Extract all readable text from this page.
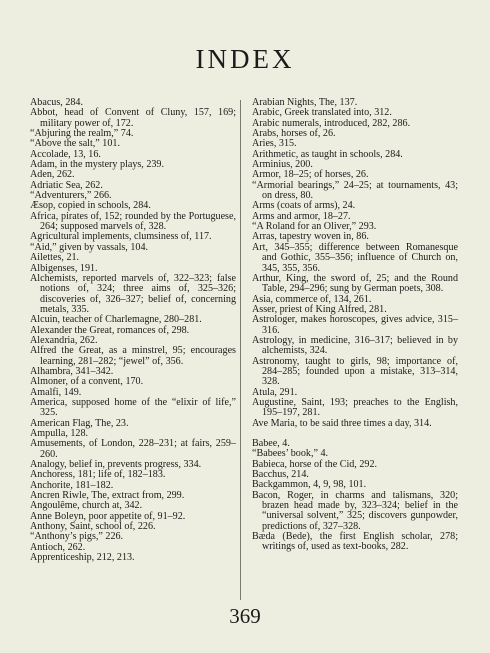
INDEX
Abacus, 284.
Abbot, head of Convent of Cluny, 157, 169; military power of, 172.
“Abjuring the realm,” 74.
“Above the salt,” 101.
Accolade, 13, 16.
Adam, in the mystery plays, 239.
Aden, 262.
Adriatic Sea, 262.
“Adventurers,” 266.
Æsop, copied in schools, 284.
Africa, pirates of, 152; rounded by the Portuguese, 264; supposed marvels of, 328.
Agricultural implements, clumsiness of, 117.
“Aid,” given by vassals, 104.
Ailettes, 21.
Albigenses, 191.
Alchemists, reported marvels of, 322–323; false notions of, 324; three aims of, 325–326; discoveries of, 326–327; belief of, concerning metals, 335.
Alcuin, teacher of Charlemagne, 280–281.
Alexander the Great, romances of, 298.
Alexandria, 262.
Alfred the Great, as a minstrel, 95; encourages learning, 281–282; “jewel” of, 356.
Alhambra, 341–342.
Almoner, of a convent, 170.
Amalfi, 149.
America, supposed home of the “elixir of life,” 325.
American Flag, The, 23.
Ampulla, 128.
Amusements, of London, 228–231; at fairs, 259–260.
Analogy, belief in, prevents progress, 334.
Anchoress, 181; life of, 182–183.
Anchorite, 181–182.
Ancren Riwle, The, extract from, 299.
Angoulême, church at, 342.
Anne Boleyn, poor appetite of, 91–92.
Anthony, Saint, school of, 226.
“Anthony’s pigs,” 226.
Antioch, 262.
Apprenticeship, 212, 213.
Arabian Nights, The, 137.
Arabic, Greek translated into, 312.
Arabic numerals, introduced, 282, 286.
Arabs, horses of, 26.
Aries, 315.
Arithmetic, as taught in schools, 284.
Arminius, 200.
Armor, 18–25; of horses, 26.
“Armorial bearings,” 24–25; at tournaments, 43; on dress, 80.
Arms (coats of arms), 24.
Arms and armor, 18–27.
“A Roland for an Oliver,” 293.
Arras, tapestry woven in, 86.
Art, 345–355; difference between Romanesque and Gothic, 355–356; influence of Church on, 345, 355, 356.
Arthur, King, the sword of, 25; and the Round Table, 294–296; sung by German poets, 308.
Asia, commerce of, 134, 261.
Asser, priest of King Alfred, 281.
Astrologer, makes horoscopes, gives advice, 315–316.
Astrology, in medicine, 316–317; believed in by alchemists, 324.
Astronomy, taught to girls, 98; importance of, 284–285; founded upon a mistake, 313–314, 328.
Atula, 291.
Augustine, Saint, 193; preaches to the English, 195–197, 281.
Ave Maria, to be said three times a day, 314.
Babee, 4.
“Babees’ book,” 4.
Babieca, horse of the Cid, 292.
Bacchus, 214.
Backgammon, 4, 9, 98, 101.
Bacon, Roger, in charms and talismans, 320; brazen head made by, 323–324; belief in the “universal solvent,” 325; discovers gunpowder, predictions of, 327–328.
Bæda (Bede), the first English scholar, 278; writings of, used as text-books, 282.
369
